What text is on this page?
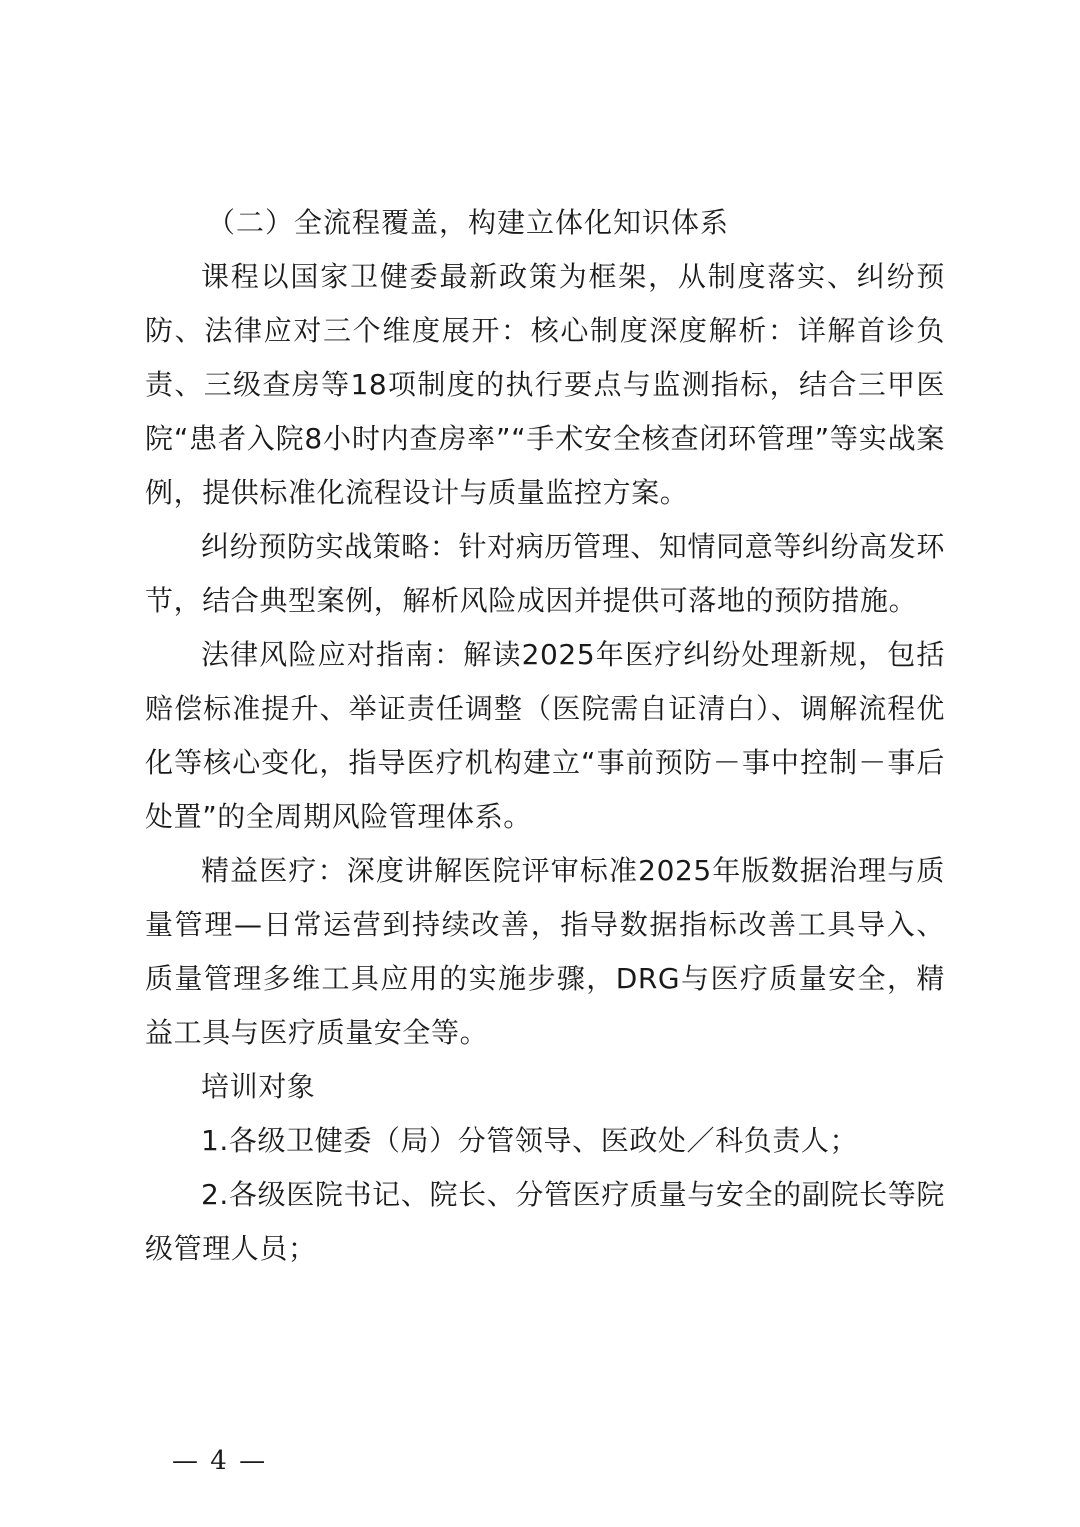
（二）全流程覆盖，构建立体化知识体系

课程以国家卫健委最新政策为框架，从制度落实、纠纷预防、法律应对三个维度展开：核心制度深度解析：详解首诊负责、三级查房等18项制度的执行要点与监测指标，结合三甲医院“患者入院8小时内查房率”“手术安全核查闭环管理”等实战案例，提供标准化流程设计与质量监控方案。

纠纷预防实战策略：针对病历管理、知情同意等纠纷高发环节，结合典型案例，解析风险成因并提供可落地的预防措施。

法律风险应对指南：解读2025年医疗纠纷处理新规，包括赔偿标准提升、举证责任调整（医院需自证清白）、调解流程优化等核心变化，指导医疗机构建立“事前预防－事中控制－事后处置”的全周期风险管理体系。

精益医疗：深度讲解医院评审标准2025年版数据治理与质量管理—日常运营到持续改善，指导数据指标改善工具导入、质量管理多维工具应用的实施步骤，DRG与医疗质量安全，精益工具与医疗质量安全等。

培训对象

1.各级卫健委（局）分管领导、医政处／科负责人；

2.各级医院书记、院长、分管医疗质量与安全的副院长等院级管理人员；

— 4 —
